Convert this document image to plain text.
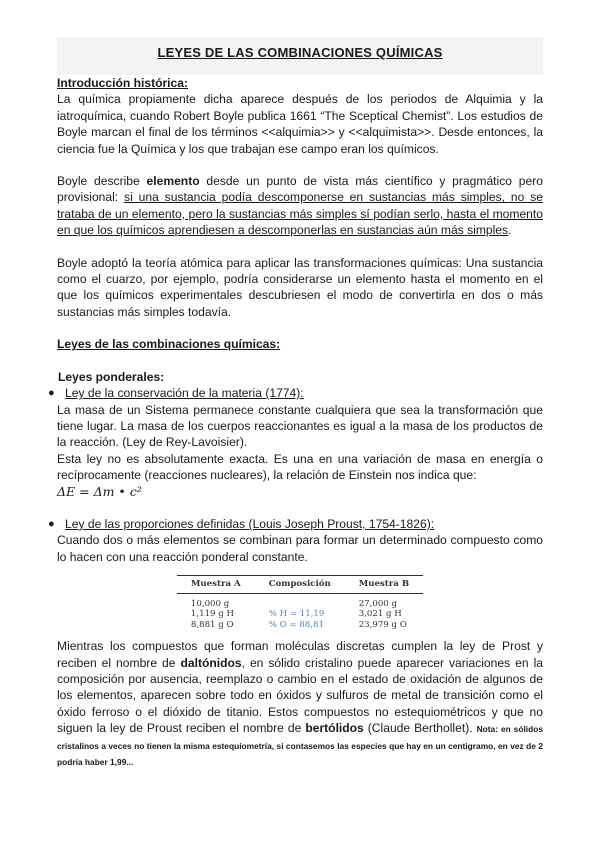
LEYES DE LAS COMBINACIONES QUÍMICAS

Introducción histórica:

La química propiamente dicha aparece después de los periodos de Alquimia y la iatroquímica, cuando Robert Boyle publica 1661 “The Sceptical Chemist”. Los estudios de Boyle marcan el final de los términos <<alquimia>> y <<alquimista>>. Desde entonces, la ciencia fue la Química y los que trabajan ese campo eran los químicos.

Boyle describe elemento desde un punto de vista más científico y pragmático pero provisional: si una sustancia podía descomponerse en sustancias más simples, no se trataba de un elemento, pero la sustancias más simples sí podían serlo, hasta el momento en que los químicos aprendiesen a descomponerlas en sustancias aún más simples.

Boyle adoptó la teoría atómica para aplicar las transformaciones químicas: Una sustancia como el cuarzo, por ejemplo, podría considerarse un elemento hasta el momento en el que los químicos experimentales descubriesen el modo de convertirla en dos o más sustancias más simples todavía.

Leyes de las combinaciones químicas:

Leyes ponderales:

● Ley de la conservación de la materia (1774):

La masa de un Sistema permanece constante cualquiera que sea la transformación que tiene lugar. La masa de los cuerpos reaccionantes es igual a la masa de los productos de la reacción. (Ley de Rey-Lavoisier).

Esta ley no es absolutamente exacta. Es una en una variación de masa en energía o recíprocamente (reacciones nucleares), la relación de Einstein nos indica que:

ΔE = Δm • c²

● Ley de las proporciones definidas (Louis Joseph Proust, 1754-1826):

Cuando dos o más elementos se combinan para formar un determinado compuesto como lo hacen con una reacción ponderal constante.

Muestra A	Composición	Muestra B
10,000 g		27,000 g
1,119 g H	% H = 11,19	3,021 g H
8,881 g O	% O = 88,81	23,979 g O

Mientras los compuestos que forman moléculas discretas cumplen la ley de Prost y reciben el nombre de daltónidos, en sólido cristalino puede aparecer variaciones en la composición por ausencia, reemplazo o cambio en el estado de oxidación de algunos de los elementos, aparecen sobre todo en óxidos y sulfuros de metal de transición como el óxido ferroso o el dióxido de titanio. Estos compuestos no estequiométricos y que no siguen la ley de Proust reciben el nombre de bertólidos (Claude Berthollet). Nota: en sólidos cristalinos a veces no tienen la misma estequiometría, si contasemos las especies que hay en un centigramo, en vez de 2 podría haber 1,99...
